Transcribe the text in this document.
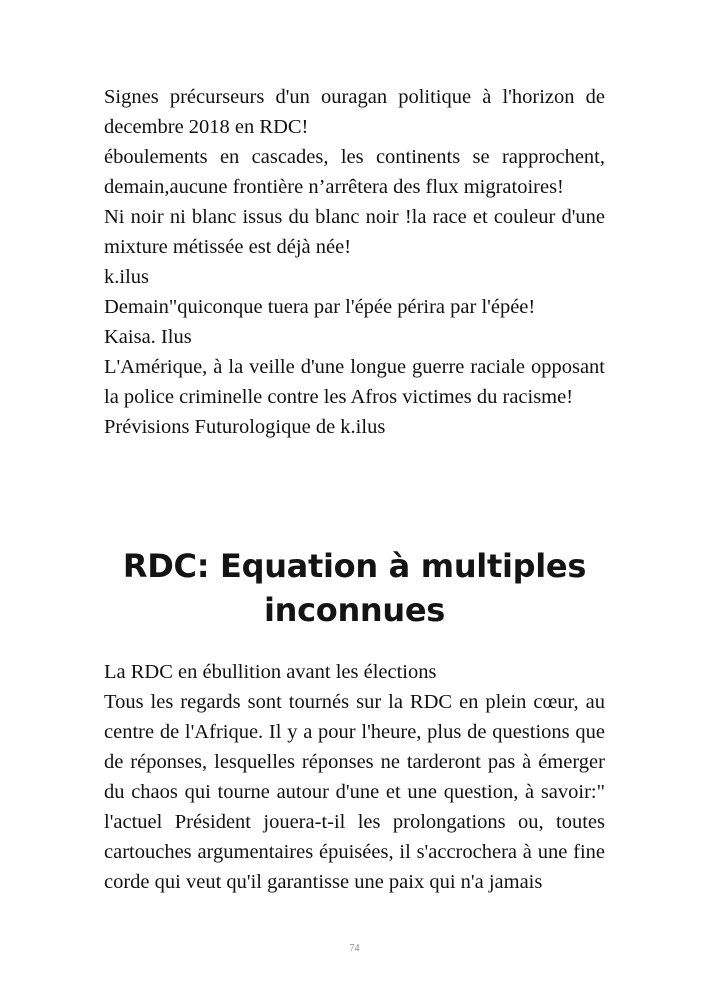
Signes précurseurs d'un ouragan politique à l'horizon de decembre 2018 en RDC!

éboulements en cascades, les continents se rapprochent, demain,aucune frontière n’arrêtera des flux migratoires!

Ni noir ni blanc issus du blanc noir !la race et couleur d'une mixture métissée est déjà née!

k.ilus

Demain"quiconque tuera par l'épée périra par l'épée!

Kaisa. Ilus

L'Amérique, à la veille d'une longue guerre raciale opposant la police criminelle contre les Afros victimes du racisme!

Prévisions Futurologique de k.ilus

RDC: Equation à multiples inconnues

La RDC en ébullition avant les élections

Tous les regards sont tournés sur la RDC en plein cœur, au centre de l'Afrique. Il y a pour l'heure, plus de questions que de réponses, lesquelles réponses ne tarderont pas à émerger du chaos qui tourne autour d'une et une question, à savoir:" l'actuel Président jouera-t-il les prolongations ou, toutes cartouches argumentaires épuisées, il s'accrochera à une fine corde qui veut qu'il garantisse une paix qui n'a jamais

74
